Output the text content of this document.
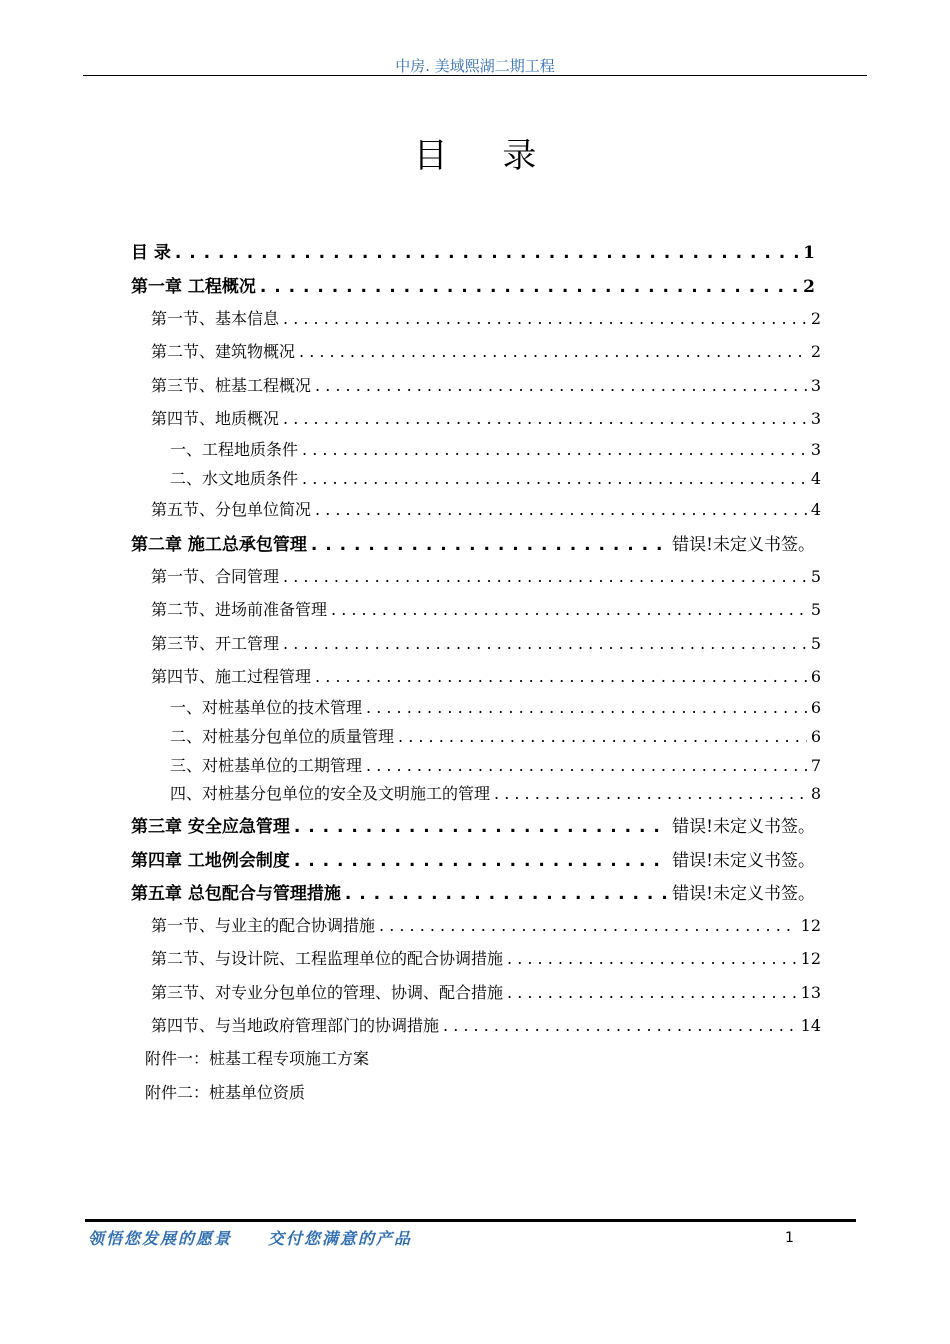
中房. 美域熙湖二期工程
目 录
目 录 . . .	1
第一章 工程概况 . . .	2
第一节、基本信息 . . .	2
第二节、建筑物概况 . . .	2
第三节、桩基工程概况 . . .	3
第四节、地质概况 . . .	3
一、工程地质条件 . . .	3
二、水文地质条件 . . .	4
第五节、分包单位简况 . . .	4
第二章 施工总承包管理 . . .	错误!未定义书签。
第一节、合同管理 . . .	5
第二节、进场前准备管理 . . .	5
第三节、开工管理 . . .	5
第四节、施工过程管理 . . .	6
一、对桩基单位的技术管理 . . .	6
二、对桩基分包单位的质量管理 . . .	6
三、对桩基单位的工期管理 . . .	7
四、对桩基分包单位的安全及文明施工的管理 . . .	8
第三章 安全应急管理 . . .	错误!未定义书签。
第四章 工地例会制度 . . .	错误!未定义书签。
第五章 总包配合与管理措施 . . .	错误!未定义书签。
第一节、与业主的配合协调措施 . . .	12
第二节、与设计院、工程监理单位的配合协调措施 . . .	12
第三节、对专业分包单位的管理、协调、配合措施 . . .	13
第四节、与当地政府管理部门的协调措施 . . .	14
附件一：桩基工程专项施工方案
附件二：桩基单位资质
领悟您发展的愿景 交付您满意的产品	1
